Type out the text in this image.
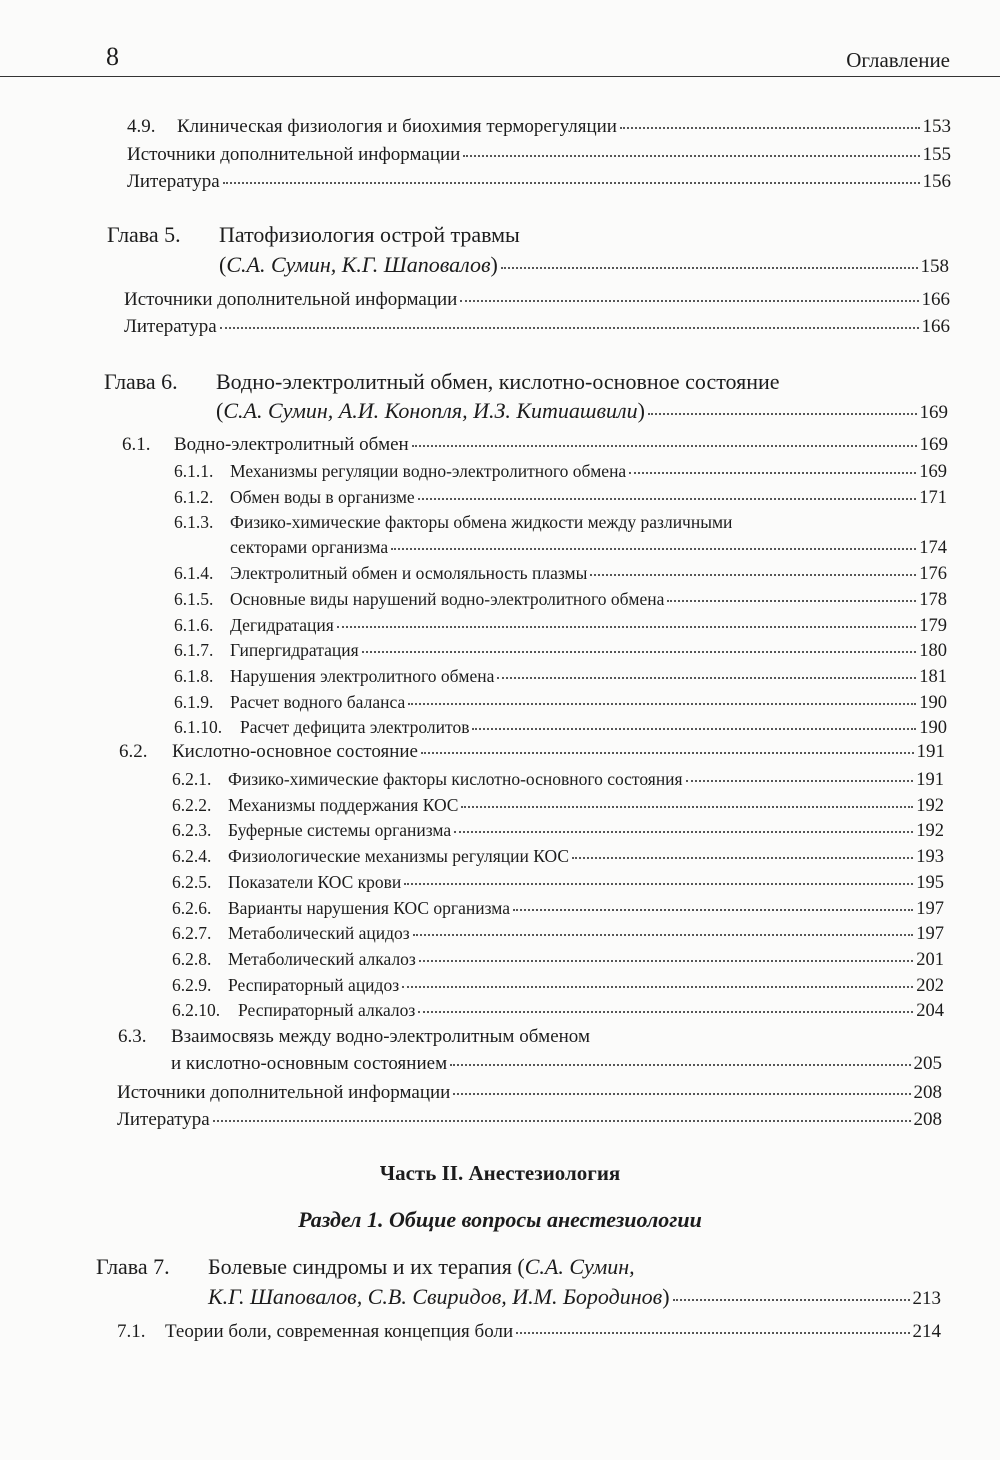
8	Оглавление
4.9.	Клиническая физиология и биохимия терморегуляции	153
Источники дополнительной информации	155
Литература	156
Глава 5. Патофизиология острой травмы
( С.А. Сумин, К.Г. Шаповалов )	158
Источники дополнительной информации	166
Литература	166
Глава 6. Водно-электролитный обмен, кислотно-основное состояние
( С.А. Сумин, А.И. Конопля, И.З. Китиашвили )	169
6.1.	Водно-электролитный обмен	169
6.1.1. Механизмы регуляции водно-электролитного обмена	169
6.1.2. Обмен воды в организме	171
6.1.3. Физико-химические факторы обмена жидкости между различными
секторами организма	174
6.1.4. Электролитный обмен и осмоляльность плазмы	176
6.1.5. Основные виды нарушений водно-электролитного обмена	178
6.1.6. Дегидратация	179
6.1.7. Гипергидратация	180
6.1.8. Нарушения электролитного обмена	181
6.1.9. Расчет водного баланса	190
6.1.10.	Расчет дефицита электролитов	190
6.2.	Кислотно-основное состояние	191
6.2.1. Физико-химические факторы кислотно-основного состояния	191
6.2.2. Механизмы поддержания КОС	192
6.2.3. Буферные системы организма	192
6.2.4. Физиологические механизмы регуляции КОС	193
6.2.5. Показатели КОС крови	195
6.2.6. Варианты нарушения КОС организма	197
6.2.7. Метаболический ацидоз	197
6.2.8. Метаболический алкалоз	201
6.2.9. Респираторный ацидоз	202
6.2.10.	Респираторный алкалоз	204
6.3. Взаимосвязь между водно-электролитным обменом
и кислотно-основным состоянием	205
Источники дополнительной информации	208
Литература	208
Часть II. Анестезиология
Раздел 1. Общие вопросы анестезиологии
Глава 7. Болевые синдромы и их терапия (С.А. Сумин,
К.Г. Шаповалов, С.В. Свиридов, И.М. Бородинов )	213
7.1.	Теории боли, современная концепция боли	214
